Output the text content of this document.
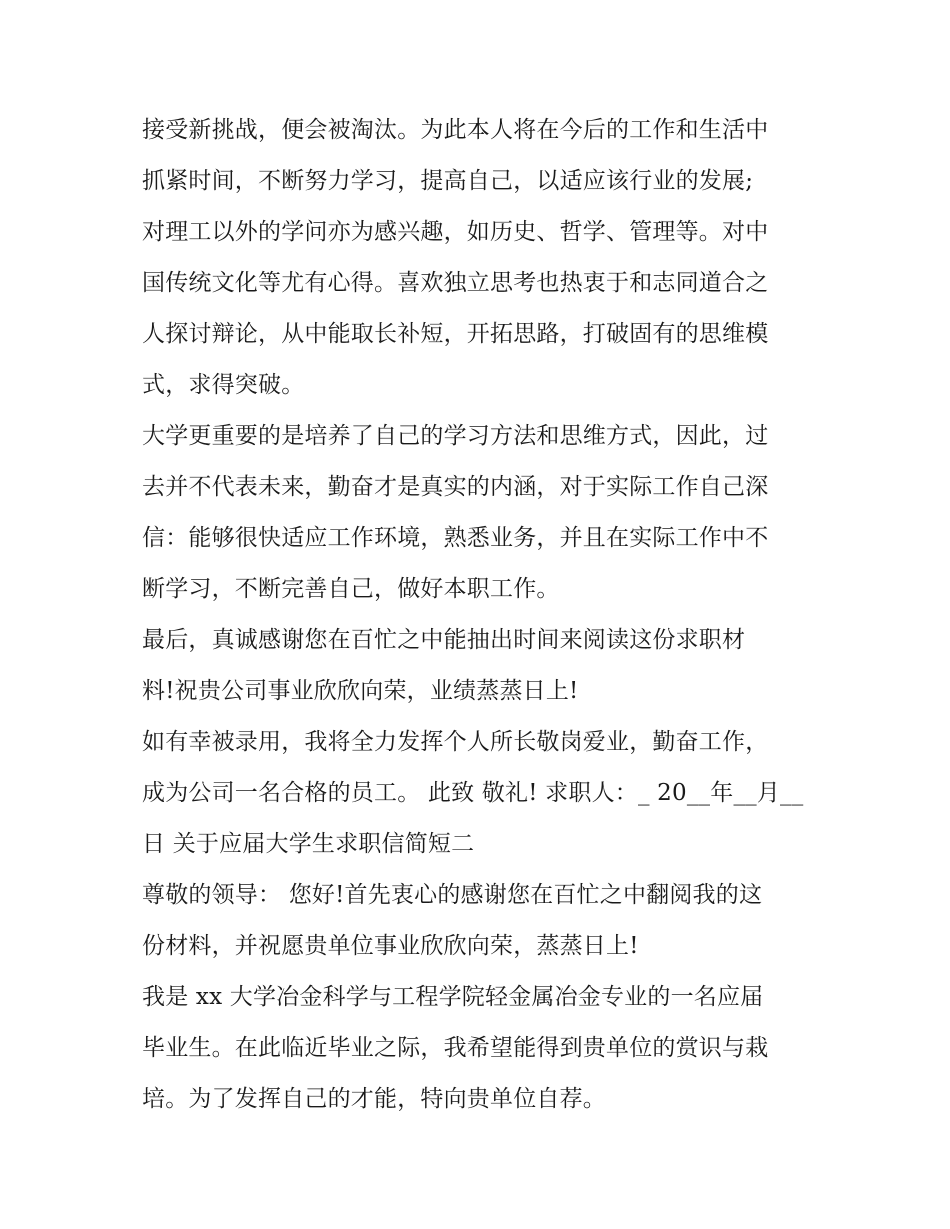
接受新挑战，便会被淘汰。为此本人将在今后的工作和生活中
抓紧时间，不断努力学习，提高自己，以适应该行业的发展;
对理工以外的学问亦为感兴趣，如历史、哲学、管理等。对中
国传统文化等尤有心得。喜欢独立思考也热衷于和志同道合之
人探讨辩论，从中能取长补短，开拓思路，打破固有的思维模
式，求得突破。
大学更重要的是培养了自己的学习方法和思维方式，因此，过
去并不代表未来，勤奋才是真实的内涵，对于实际工作自己深
信：能够很快适应工作环境，熟悉业务，并且在实际工作中不
断学习，不断完善自己，做好本职工作。
最后，真诚感谢您在百忙之中能抽出时间来阅读这份求职材
料!祝贵公司事业欣欣向荣，业绩蒸蒸日上!
如有幸被录用，我将全力发挥个人所长敬岗爱业，勤奋工作，
成为公司一名合格的员工。 此致 敬礼! 求职人：_ 20__年__月__
日 关于应届大学生求职信简短二
尊敬的领导： 您好!首先衷心的感谢您在百忙之中翻阅我的这
份材料，并祝愿贵单位事业欣欣向荣，蒸蒸日上!
我是 xx 大学冶金科学与工程学院轻金属冶金专业的一名应届
毕业生。在此临近毕业之际，我希望能得到贵单位的赏识与栽
培。为了发挥自己的才能，特向贵单位自荐。
